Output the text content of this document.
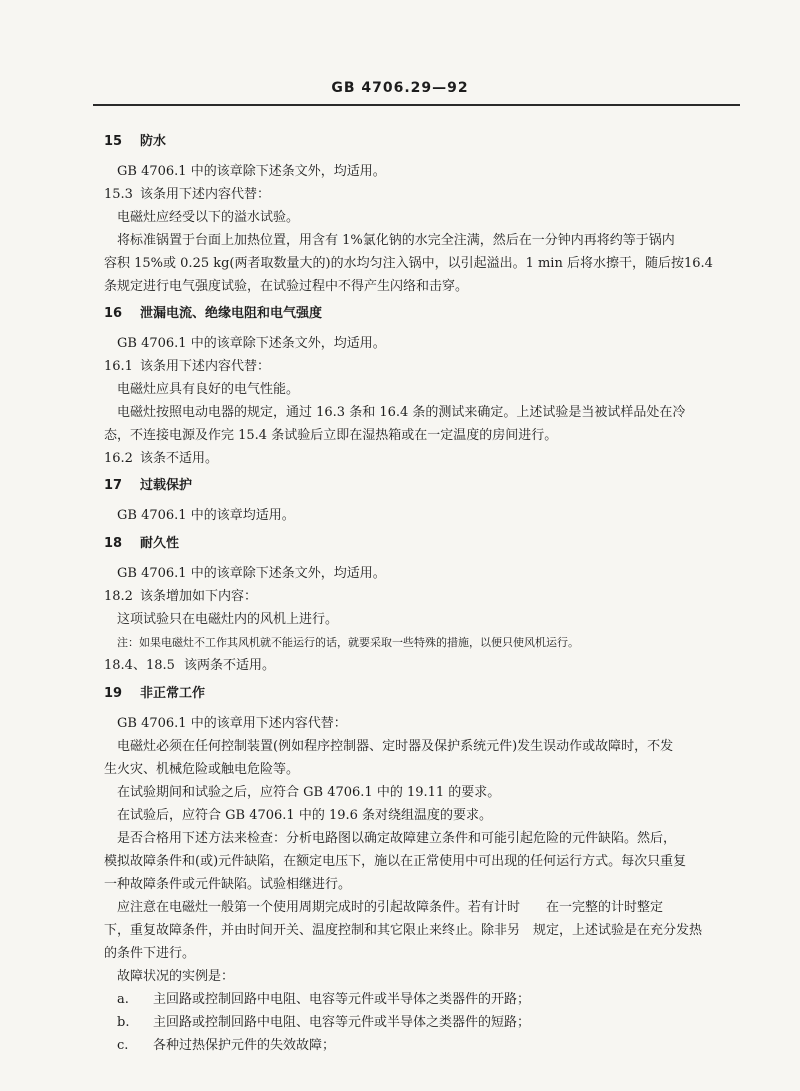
GB 4706.29—92
15 防水
GB 4706.1 中的该章除下述条文外，均适用。
15.3 该条用下述内容代替：
电磁灶应经受以下的溢水试验。
将标准锅置于台面上加热位置，用含有 1%氯化钠的水完全注满，然后在一分钟内再将约等于锅内
容积 15%或 0.25 kg(两者取数量大的)的水均匀注入锅中，以引起溢出。1 min 后将水擦干，随后按16.4
条规定进行电气强度试验，在试验过程中不得产生闪络和击穿。
16 泄漏电流、绝缘电阻和电气强度
GB 4706.1 中的该章除下述条文外，均适用。
16.1 该条用下述内容代替：
电磁灶应具有良好的电气性能。
电磁灶按照电动电器的规定，通过 16.3 条和 16.4 条的测试来确定。上述试验是当被试样品处在冷
态，不连接电源及作完 15.4 条试验后立即在湿热箱或在一定温度的房间进行。
16.2 该条不适用。
17 过载保护
GB 4706.1 中的该章均适用。
18 耐久性
GB 4706.1 中的该章除下述条文外，均适用。
18.2 该条增加如下内容：
这项试验只在电磁灶内的风机上进行。
注：如果电磁灶不工作其风机就不能运行的话，就要采取一些特殊的措施，以便只使风机运行。
18.4、18.5 该两条不适用。
19 非正常工作
GB 4706.1 中的该章用下述内容代替：
电磁灶必须在任何控制装置(例如程序控制器、定时器及保护系统元件)发生误动作或故障时，不发
生火灾、机械危险或触电危险等。
在试验期间和试验之后，应符合 GB 4706.1 中的 19.11 的要求。
在试验后，应符合 GB 4706.1 中的 19.6 条对绕组温度的要求。
是否合格用下述方法来检查：分析电路图以确定故障建立条件和可能引起危险的元件缺陷。然后，
模拟故障条件和(或)元件缺陷，在额定电压下，施以在正常使用中可出现的任何运行方式。每次只重复
一种故障条件或元件缺陷。试验相继进行。
应注意在电磁灶一般第一个使用周期完成时的引起故障条件。若有计时　　在一完整的计时整定
下，重复故障条件，并由时间开关、温度控制和其它限止来终止。除非另　规定，上述试验是在充分发热
的条件下进行。
故障状况的实例是：
a. 主回路或控制回路中电阻、电容等元件或半导体之类器件的开路；
b. 主回路或控制回路中电阻、电容等元件或半导体之类器件的短路；
c. 各种过热保护元件的失效故障；
